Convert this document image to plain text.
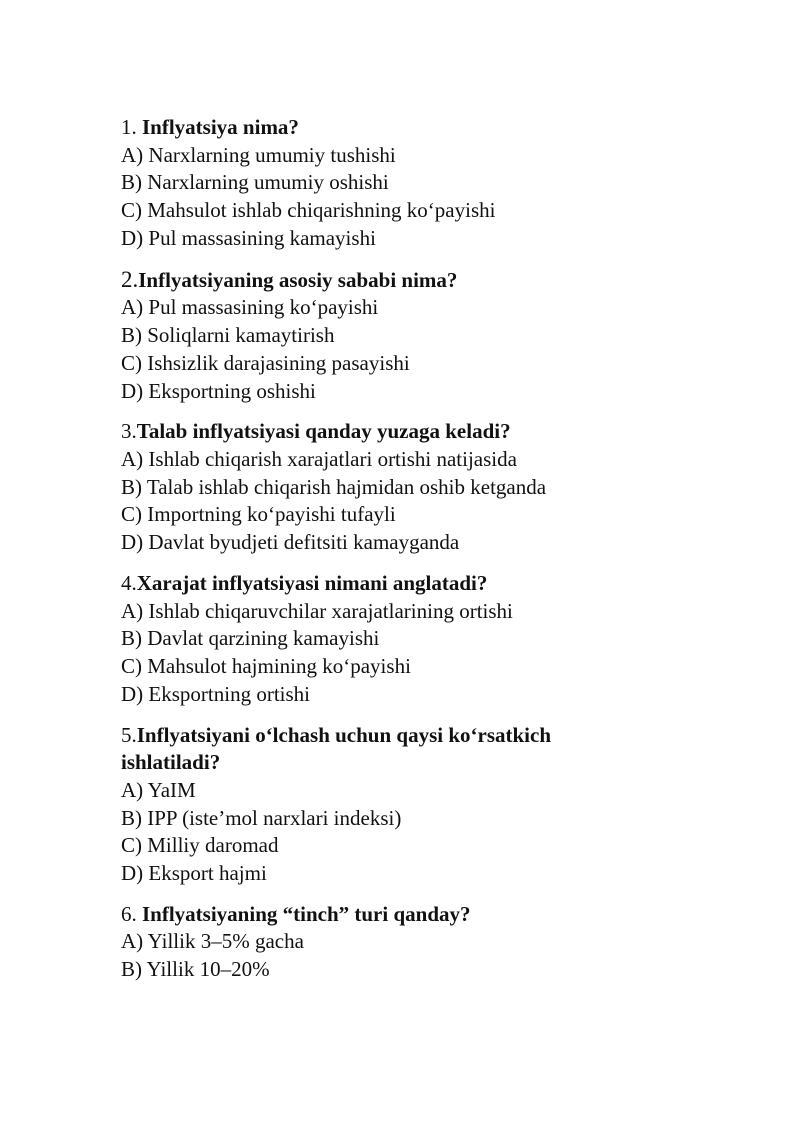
1. Inflyatsiya nima?

A) Narxlarning umumiy tushishi

B) Narxlarning umumiy oshishi

C) Mahsulot ishlab chiqarishning ko‘payishi

D) Pul massasining kamayishi

2.Inflyatsiyaning asosiy sababi nima?

A) Pul massasining ko‘payishi

B) Soliqlarni kamaytirish

C) Ishsizlik darajasining pasayishi

D) Eksportning oshishi

3.Talab inflyatsiyasi qanday yuzaga keladi?

A) Ishlab chiqarish xarajatlari ortishi natijasida

B) Talab ishlab chiqarish hajmidan oshib ketganda

C) Importning ko‘payishi tufayli

D) Davlat byudjeti defitsiti kamayganda

4.Xarajat inflyatsiyasi nimani anglatadi?

A) Ishlab chiqaruvchilar xarajatlarining ortishi

B) Davlat qarzining kamayishi

C) Mahsulot hajmining ko‘payishi

D) Eksportning ortishi

5.Inflyatsiyani o‘lchash uchun qaysi ko‘rsatkich ishlatiladi?

A) YaIM

B) IPP (iste’mol narxlari indeksi)

C) Milliy daromad

D) Eksport hajmi

6. Inflyatsiyaning “tinch” turi qanday?

A) Yillik 3–5% gacha

B) Yillik 10–20%
